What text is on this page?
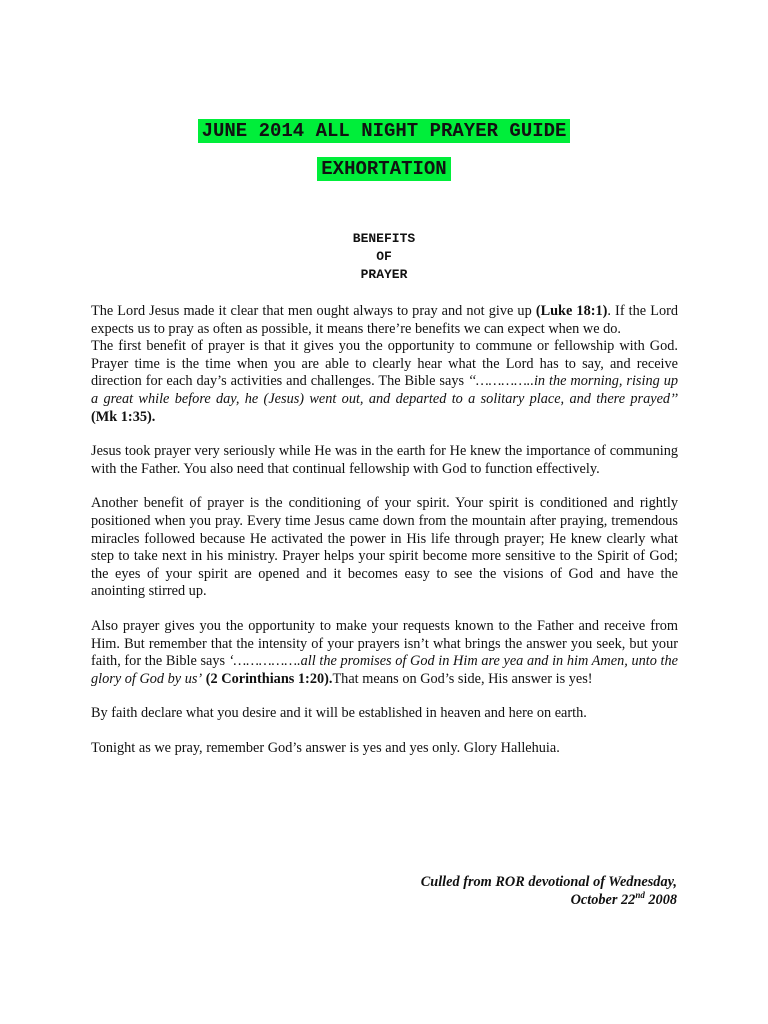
JUNE 2014 ALL NIGHT PRAYER GUIDE
EXHORTATION
BENEFITS
OF
PRAYER

The Lord Jesus made it clear that men ought always to pray and not give up (Luke 18:1). If the Lord expects us to pray as often as possible, it means there’re benefits we can expect when we do.

The first benefit of prayer is that it gives you the opportunity to commune or fellowship with God. Prayer time is the time when you are able to clearly hear what the Lord has to say, and receive direction for each day’s activities and challenges. The Bible says ‘‘…………..in the morning, rising up a great while before day, he (Jesus) went out, and departed to a solitary place, and there prayed’’ (Mk 1:35).

Jesus took prayer very seriously while He was in the earth for He knew the importance of communing with the Father. You also need that continual fellowship with God to function effectively.

Another benefit of prayer is the conditioning of your spirit. Your spirit is conditioned and rightly positioned when you pray. Every time Jesus came down from the mountain after praying, tremendous miracles followed because He activated the power in His life through prayer; He knew clearly what step to take next in his ministry. Prayer helps your spirit become more sensitive to the Spirit of God; the eyes of your spirit are opened and it becomes easy to see the visions of God and have the anointing stirred up.

Also prayer gives you the opportunity to make your requests known to the Father and receive from Him. But remember that the intensity of your prayers isn’t what brings the answer you seek, but your faith, for the Bible says ‘…………….all the promises of God in Him are yea and in him Amen, unto the glory of God by us’ (2 Corinthians 1:20).That means on God’s side, His answer is yes!

By faith declare what you desire and it will be established in heaven and here on earth.

Tonight as we pray, remember God’s answer is yes and yes only. Glory Hallehuia.

Culled from ROR devotional of Wednesday,
October 22nd 2008
